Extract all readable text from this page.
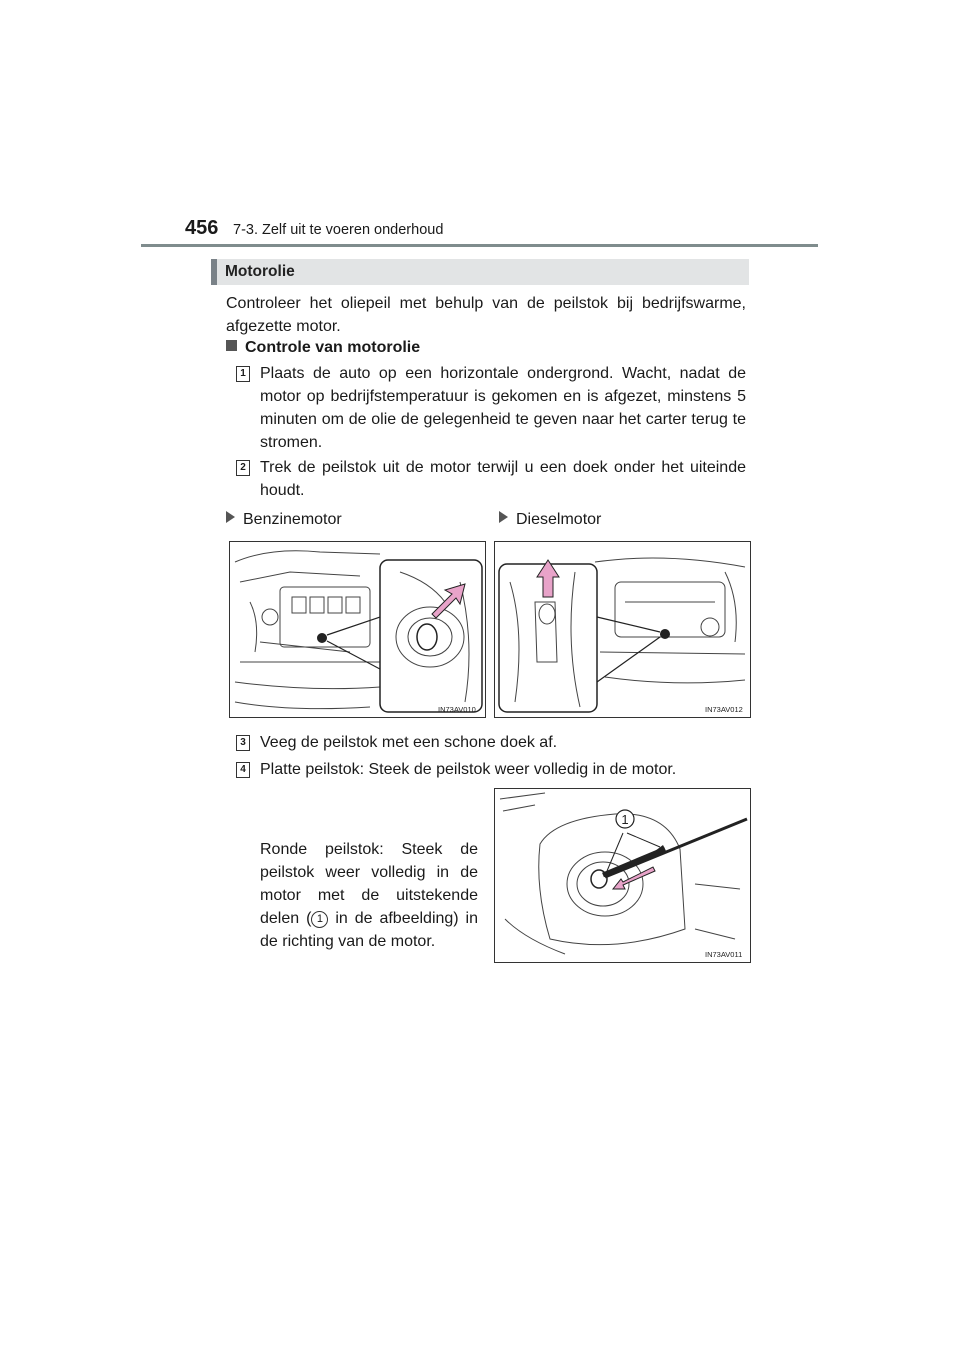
456 7-3. Zelf uit te voeren onderhoud
Motorolie
Controleer het oliepeil met behulp van de peilstok bij bedrijfswarme, afgezette motor.
Controle van motorolie
1 Plaats de auto op een horizontale ondergrond. Wacht, nadat de motor op bedrijfstemperatuur is gekomen en is afgezet, minstens 5 minuten om de olie de gelegenheid te geven naar het carter terug te stromen.
2 Trek de peilstok uit de motor terwijl u een doek onder het uiteinde houdt.
Benzinemotor	Dieselmotor
IN73AV010	IN73AV012
3 Veeg de peilstok met een schone doek af.
4 Platte peilstok: Steek de peilstok weer volledig in de motor.
Ronde peilstok: Steek de peilstok weer volledig in de motor met de uitstekende delen ( 1 in de afbeelding) in de richting van de motor.
1
IN73AV011
